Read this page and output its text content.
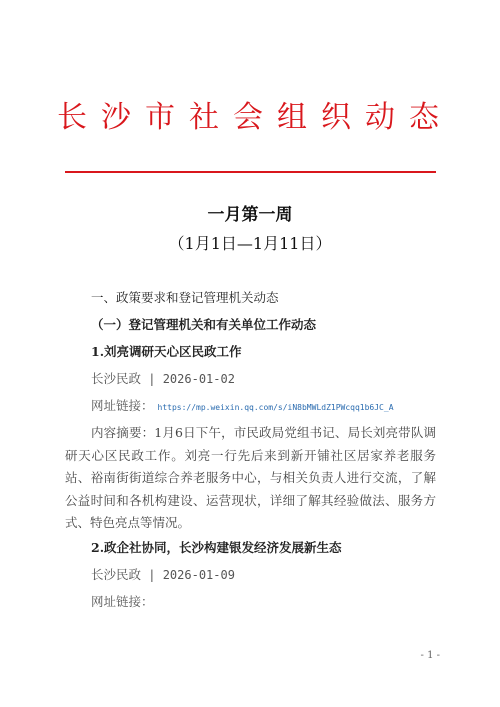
长沙市社会组织动态
一月第一周
（1月1日—1月11日）
一、政策要求和登记管理机关动态
（一）登记管理机关和有关单位工作动态
1.刘亮调研天心区民政工作
长沙民政 | 2026-01-02
网址链接： https://mp.weixin.qq.com/s/iN8bMWLdZ1PWcqq1b6JC_A
内容摘要：1月6日下午，市民政局党组书记、局长刘亮带队调研天心区民政工作。刘亮一行先后来到新开铺社区居家养老服务站、裕南街街道综合养老服务中心，与相关负责人进行交流，了解公益时间和各机构建设、运营现状，详细了解其经验做法、服务方式、特色亮点等情况。
2.政企社协同，长沙构建银发经济发展新生态
长沙民政 | 2026-01-09
网址链接：
- 1 -
